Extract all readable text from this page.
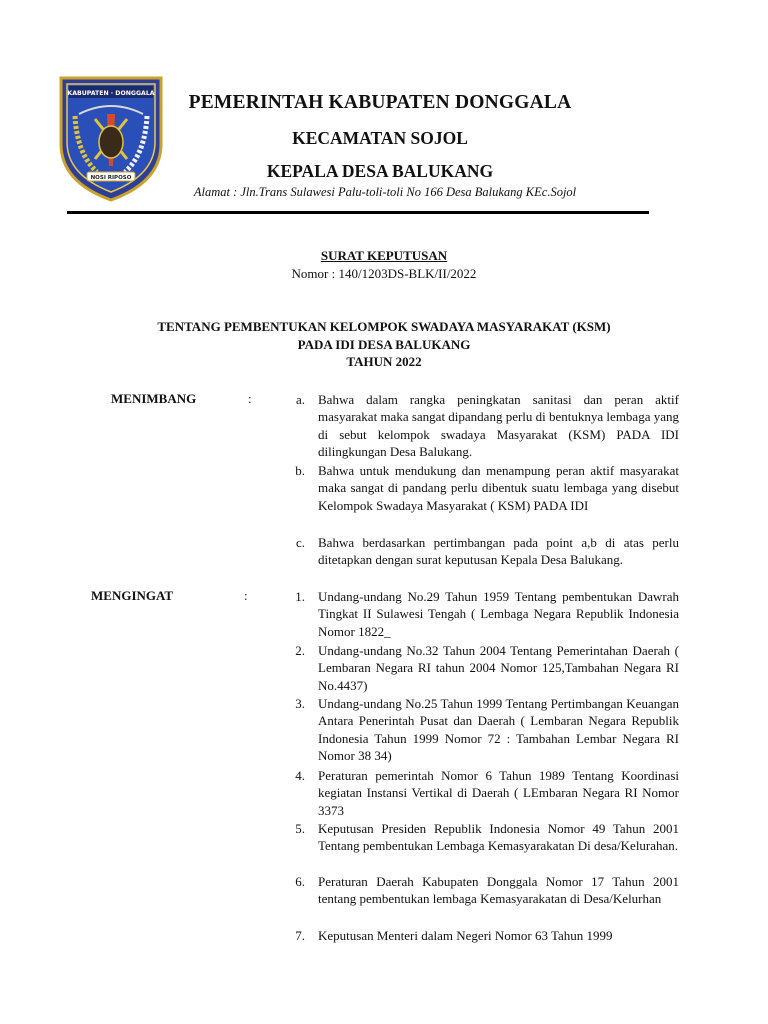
KABUPATEN · DONGGALA
NOSI RIPOSO
PEMERINTAH KABUPATEN DONGGALA
KECAMATAN SOJOL
KEPALA DESA BALUKANG
Alamat : Jln.Trans Sulawesi Palu-toli-toli No 166 Desa Balukang KEc.Sojol
SURAT KEPUTUSAN
Nomor : 140/1203DS-BLK/II/2022
TENTANG PEMBENTUKAN KELOMPOK SWADAYA MASYARAKAT (KSM)
PADA IDI DESA BALUKANG
TAHUN 2022
MENIMBANG	:	a. Bahwa dalam rangka peningkatan sanitasi dan peran aktif masyarakat maka sangat dipandang perlu di bentuknya lembaga yang di sebut kelompok swadaya Masyarakat (KSM) PADA IDI dilingkungan Desa Balukang.
b. Bahwa untuk mendukung dan menampung peran aktif masyarakat maka sangat di pandang perlu dibentuk suatu lembaga yang disebut Kelompok Swadaya Masyarakat ( KSM) PADA IDI
c. Bahwa berdasarkan pertimbangan pada point a,b di atas perlu ditetapkan dengan surat keputusan Kepala Desa Balukang.
MENGINGAT	:	1. Undang-undang No.29 Tahun 1959 Tentang pembentukan Dawrah Tingkat II Sulawesi Tengah ( Lembaga Negara Republik Indonesia Nomor 1822_
2. Undang-undang No.32 Tahun 2004 Tentang Pemerintahan Daerah ( Lembaran Negara RI tahun 2004 Nomor 125,Tambahan Negara RI No.4437)
3. Undang-undang No.25 Tahun 1999 Tentang Pertimbangan Keuangan Antara Penerintah Pusat dan Daerah ( Lembaran Negara Republik Indonesia Tahun 1999 Nomor 72 : Tambahan Lembar Negara RI Nomor 38 34)
4. Peraturan pemerintah Nomor 6 Tahun 1989 Tentang Koordinasi kegiatan Instansi Vertikal di Daerah ( LEmbaran Negara RI Nomor 3373
5. Keputusan Presiden Republik Indonesia Nomor 49 Tahun 2001 Tentang pembentukan Lembaga Kemasyarakatan Di desa/Kelurahan.
6. Peraturan Daerah Kabupaten Donggala Nomor 17 Tahun 2001 tentang pembentukan lembaga Kemasyarakatan di Desa/Kelurhan
7. Keputusan Menteri dalam Negeri Nomor 63 Tahun 1999
